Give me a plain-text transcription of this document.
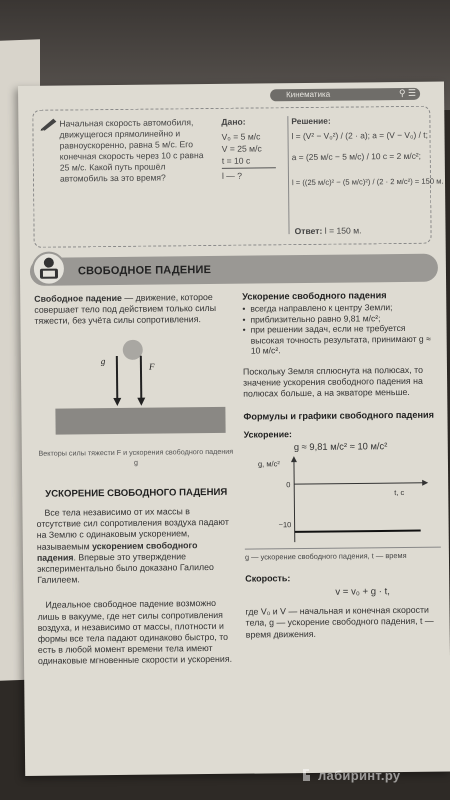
Кинематика	⚲ ☰
Начальная скорость автомобиля, движущегося прямолинейно и равноускоренно, равна 5 м/с. Его конечная скорость через 10 с равна 25 м/с. Какой путь прошёл автомобиль за это время?
Дано:
V₀ = 5 м/с
V = 25 м/с
t = 10 с
l — ?
Решение:
l = (V² − V₀²) / (2 · a); a = (V − V₀) / t;
a = (25 м/с − 5 м/с) / 10 с = 2 м/с²;
l = ((25 м/с)² − (5 м/с)²) / (2 · 2 м/с²) = 150 м.
Ответ: l = 150 м.
СВОБОДНОЕ ПАДЕНИЕ
Свободное падение — движение, которое совершает тело под действием только силы тяжести, без учёта силы сопротивления.
g
F
Векторы силы тяжести F и ускорения свободного падения g
УСКОРЕНИЕ СВОБОДНОГО ПАДЕНИЯ
Все тела независимо от их массы в отсутствие сил сопротивления воздуха падают на Землю с одинаковым ускорением, называемым ускорением свободного падения. Впервые это утверждение экспериментально было доказано Галилео Галилеем.
Идеальное свободное падение возможно лишь в вакууме, где нет силы сопротивления воздуха, и независимо от массы, плотности и формы все тела падают одинаково быстро, то есть в любой момент времени тела имеют одинаковые мгновенные скорости и ускорения.
Ускорение свободного падения
• всегда направлено к центру Земли;
• приблизительно равно 9,81 м/с²;
• при решении задач, если не требуется высокая точность результата, принимают g ≈ 10 м/с².
Поскольку Земля сплюснута на полюсах, то значение ускорения свободного падения на полюсах больше, а на экваторе меньше.
Формулы и графики свободного падения
Ускорение:
g ≈ 9,81 м/с² ≈ 10 м/с²
g, м/с²
t, с
0
−10
g — ускорение свободного падения, t — время
Скорость:
v = v₀ + g · t,
где V₀ и V — начальная и конечная скорости тела, g — ускорение свободного падения, t — время движения.
лабиринт.ру
